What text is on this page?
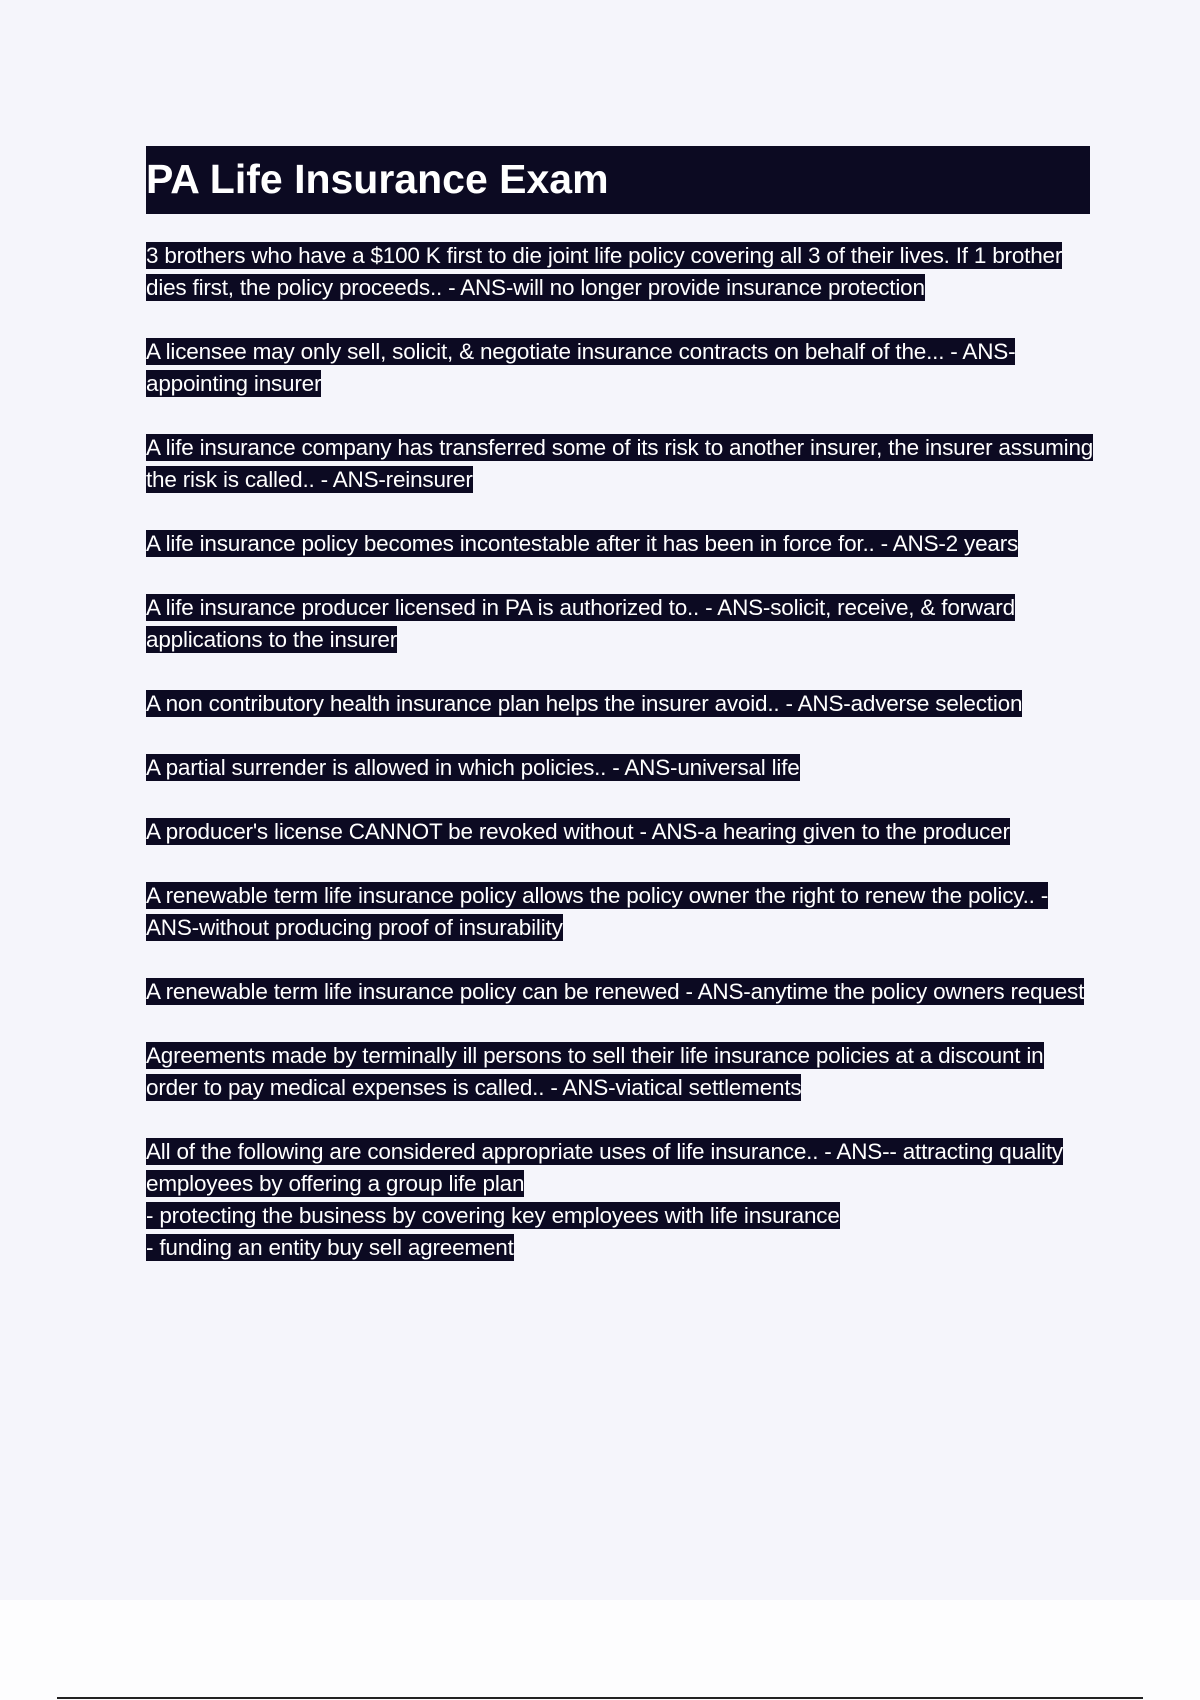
PA Life Insurance Exam

3 brothers who have a $100 K first to die joint life policy covering all 3 of their lives. If 1 brother dies first, the policy proceeds.. - ANS-will no longer provide insurance protection

A licensee may only sell, solicit, & negotiate insurance contracts on behalf of the... - ANS-appointing insurer

A life insurance company has transferred some of its risk to another insurer, the insurer assuming the risk is called.. - ANS-reinsurer

A life insurance policy becomes incontestable after it has been in force for.. - ANS-2 years

A life insurance producer licensed in PA is authorized to.. - ANS-solicit, receive, & forward applications to the insurer

A non contributory health insurance plan helps the insurer avoid.. - ANS-adverse selection

A partial surrender is allowed in which policies.. - ANS-universal life

A producer's license CANNOT be revoked without - ANS-a hearing given to the producer

A renewable term life insurance policy allows the policy owner the right to renew the policy.. - ANS-without producing proof of insurability

A renewable term life insurance policy can be renewed - ANS-anytime the policy owners request

Agreements made by terminally ill persons to sell their life insurance policies at a discount in order to pay medical expenses is called.. - ANS-viatical settlements

All of the following are considered appropriate uses of life insurance.. - ANS-- attracting quality employees by offering a group life plan
- protecting the business by covering key employees with life insurance
- funding an entity buy sell agreement
